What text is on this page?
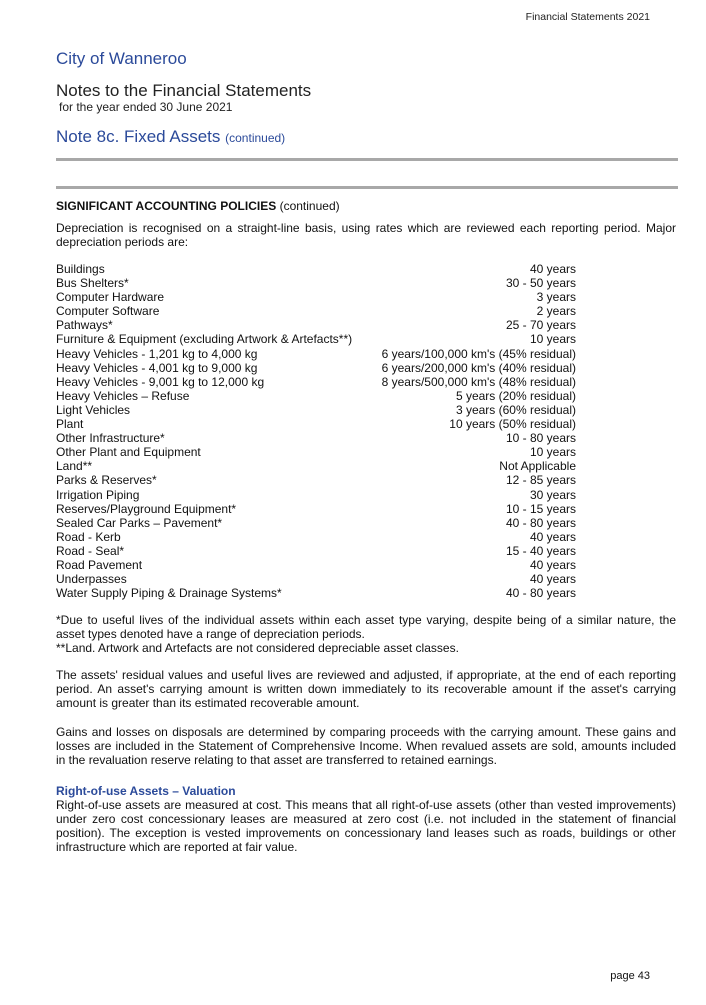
Financial Statements 2021
City of Wanneroo
Notes to the Financial Statements
for the year ended 30 June 2021
Note 8c. Fixed Assets (continued)
SIGNIFICANT ACCOUNTING POLICIES (continued)

Depreciation is recognised on a straight-line basis, using rates which are reviewed each reporting period. Major depreciation periods are:

Buildings	40 years
Bus Shelters*	30 - 50 years
Computer Hardware	3 years
Computer Software	2 years
Pathways*	25 - 70 years
Furniture & Equipment (excluding Artwork & Artefacts**)	10 years
Heavy Vehicles - 1,201 kg to 4,000 kg	6 years/100,000 km's (45% residual)
Heavy Vehicles - 4,001 kg to 9,000 kg	6 years/200,000 km's (40% residual)
Heavy Vehicles - 9,001 kg to 12,000 kg	8 years/500,000 km's (48% residual)
Heavy Vehicles – Refuse	5 years (20% residual)
Light Vehicles	3 years (60% residual)
Plant	10 years (50% residual)
Other Infrastructure*	10 - 80 years
Other Plant and Equipment	10 years
Land**	Not Applicable
Parks & Reserves*	12 - 85 years
Irrigation Piping	30 years
Reserves/Playground Equipment*	10 - 15 years
Sealed Car Parks – Pavement*	40 - 80 years
Road - Kerb	40 years
Road - Seal*	15 - 40 years
Road Pavement	40 years
Underpasses	40 years
Water Supply Piping & Drainage Systems*	40 - 80 years

*Due to useful lives of the individual assets within each asset type varying, despite being of a similar nature, the asset types denoted have a range of depreciation periods.

**Land. Artwork and Artefacts are not considered depreciable asset classes.

The assets' residual values and useful lives are reviewed and adjusted, if appropriate, at the end of each reporting period. An asset's carrying amount is written down immediately to its recoverable amount if the asset's carrying amount is greater than its estimated recoverable amount.

Gains and losses on disposals are determined by comparing proceeds with the carrying amount. These gains and losses are included in the Statement of Comprehensive Income. When revalued assets are sold, amounts included in the revaluation reserve relating to that asset are transferred to retained earnings.

Right-of-use Assets – Valuation

Right-of-use assets are measured at cost. This means that all right-of-use assets (other than vested improvements) under zero cost concessionary leases are measured at zero cost (i.e. not included in the statement of financial position). The exception is vested improvements on concessionary land leases such as roads, buildings or other infrastructure which are reported at fair value.

page 43
